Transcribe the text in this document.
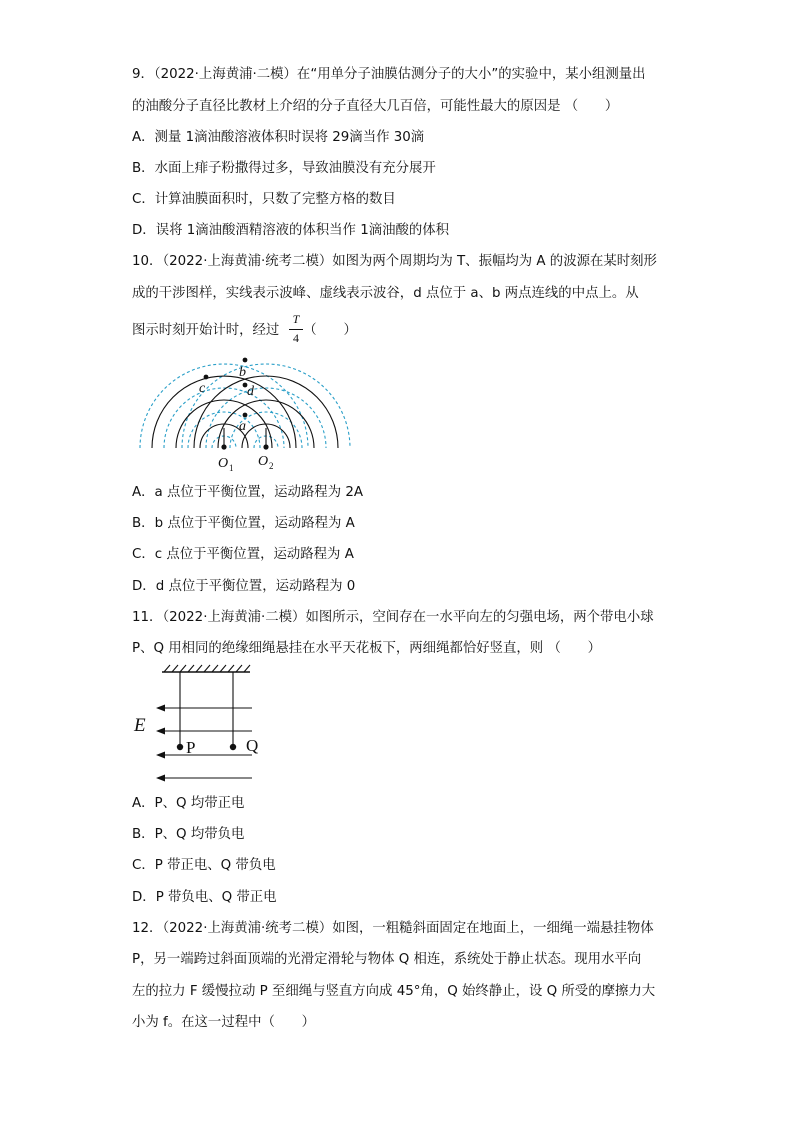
9．（2022·上海黄浦·二模）在“用单分子油膜估测分子的大小”的实验中，某小组测量出
的油酸分子直径比教材上介绍的分子直径大几百倍，可能性最大的原因是 （　　）
A．测量 1滴油酸溶液体积时误将 29滴当作 30滴
B．水面上痱子粉撒得过多，导致油膜没有充分展开
C．计算油膜面积时，只数了完整方格的数目
D．误将 1滴油酸酒精溶液的体积当作 1滴油酸的体积
10．（2022·上海黄浦·统考二模）如图为两个周期均为 T、振幅均为 A 的波源在某时刻形
成的干涉图样，实线表示波峰、虚线表示波谷，d 点位于 a、b 两点连线的中点上。从
图示时刻开始计时，经过 （　　）
T
4
b
c	d
a
O 1 O 2
A．a 点位于平衡位置，运动路程为 2A
B．b 点位于平衡位置，运动路程为 A
C．c 点位于平衡位置，运动路程为 A
D．d 点位于平衡位置，运动路程为 0
11．（2022·上海黄浦·二模）如图所示，空间存在一水平向左的匀强电场，两个带电小球
P、Q 用相同的绝缘细绳悬挂在水平天花板下，两细绳都恰好竖直，则 （　　）
E
P	Q
A．P、Q 均带正电
B．P、Q 均带负电
C．P 带正电、Q 带负电
D．P 带负电、Q 带正电
12．（2022·上海黄浦·统考二模）如图，一粗糙斜面固定在地面上，一细绳一端悬挂物体
P，另一端跨过斜面顶端的光滑定滑轮与物体 Q 相连，系统处于静止状态。现用水平向
左的拉力 F 缓慢拉动 P 至细绳与竖直方向成 45°角，Q 始终静止，设 Q 所受的摩擦力大
小为 f。在这一过程中（　　）
